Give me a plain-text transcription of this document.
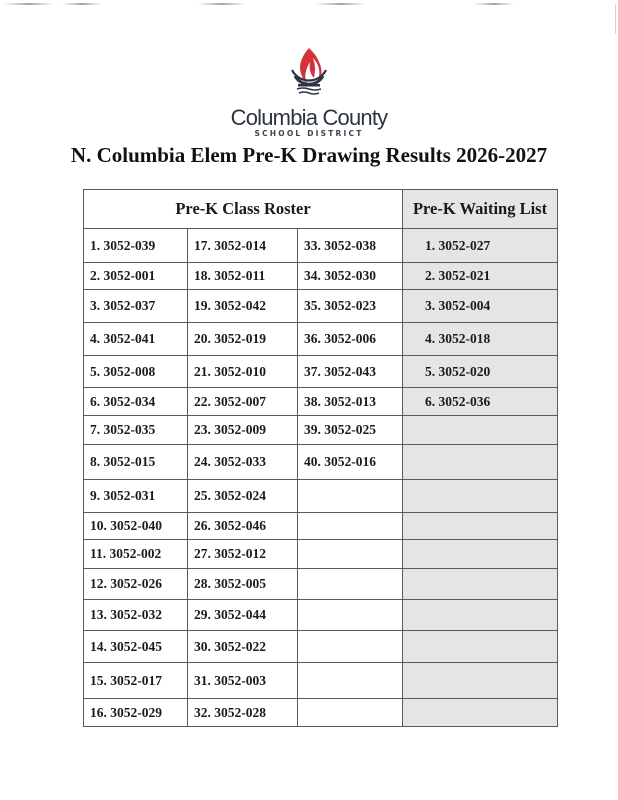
Columbia County
SCHOOL DISTRICT
N. Columbia Elem Pre-K Drawing Results 2026-2027
Pre-K Class Roster			Pre-K Waiting List
1. 3052-039	17. 3052-014	33. 3052-038	1. 3052-027
2. 3052-001	18. 3052-011	34. 3052-030	2. 3052-021
3. 3052-037	19. 3052-042	35. 3052-023	3. 3052-004
4. 3052-041	20. 3052-019	36. 3052-006	4. 3052-018
5. 3052-008	21. 3052-010	37. 3052-043	5. 3052-020
6. 3052-034	22. 3052-007	38. 3052-013	6. 3052-036
7. 3052-035	23. 3052-009	39. 3052-025	
8. 3052-015	24. 3052-033	40. 3052-016	
9. 3052-031	25. 3052-024		
10. 3052-040	26. 3052-046		
11. 3052-002	27. 3052-012		
12. 3052-026	28. 3052-005		
13. 3052-032	29. 3052-044		
14. 3052-045	30. 3052-022		
15. 3052-017	31. 3052-003		
16. 3052-029	32. 3052-028		
